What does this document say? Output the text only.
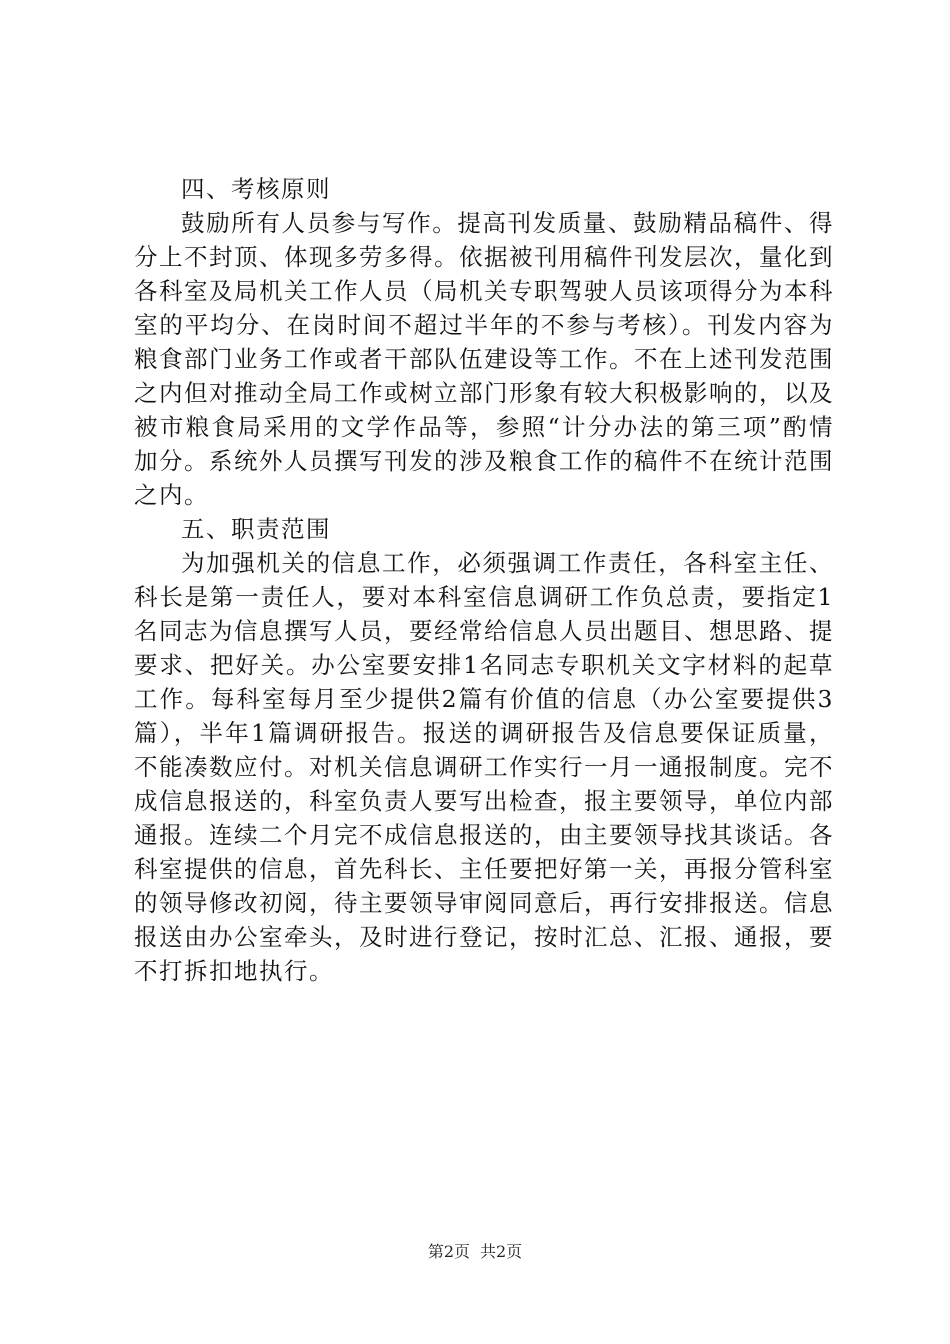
四、考核原则

鼓励所有人员参与写作。提高刊发质量、鼓励精品稿件、得分上不封顶、体现多劳多得。依据被刊用稿件刊发层次，量化到各科室及局机关工作人员（局机关专职驾驶人员该项得分为本科室的平均分、在岗时间不超过半年的不参与考核）。刊发内容为粮食部门业务工作或者干部队伍建设等工作。不在上述刊发范围之内但对推动全局工作或树立部门形象有较大积极影响的，以及被市粮食局采用的文学作品等，参照“计分办法的第三项”酌情加分。系统外人员撰写刊发的涉及粮食工作的稿件不在统计范围之内。

五、职责范围

为加强机关的信息工作，必须强调工作责任，各科室主任、科长是第一责任人，要对本科室信息调研工作负总责，要指定1名同志为信息撰写人员，要经常给信息人员出题目、想思路、提要求、把好关。办公室要安排1名同志专职机关文字材料的起草工作。每科室每月至少提供2篇有价值的信息（办公室要提供3篇），半年1篇调研报告。报送的调研报告及信息要保证质量，不能凑数应付。对机关信息调研工作实行一月一通报制度。完不成信息报送的，科室负责人要写出检查，报主要领导，单位内部通报。连续二个月完不成信息报送的，由主要领导找其谈话。各科室提供的信息，首先科长、主任要把好第一关，再报分管科室的领导修改初阅，待主要领导审阅同意后，再行安排报送。信息报送由办公室牵头，及时进行登记，按时汇总、汇报、通报，要不打拆扣地执行。

第2页 共2页
